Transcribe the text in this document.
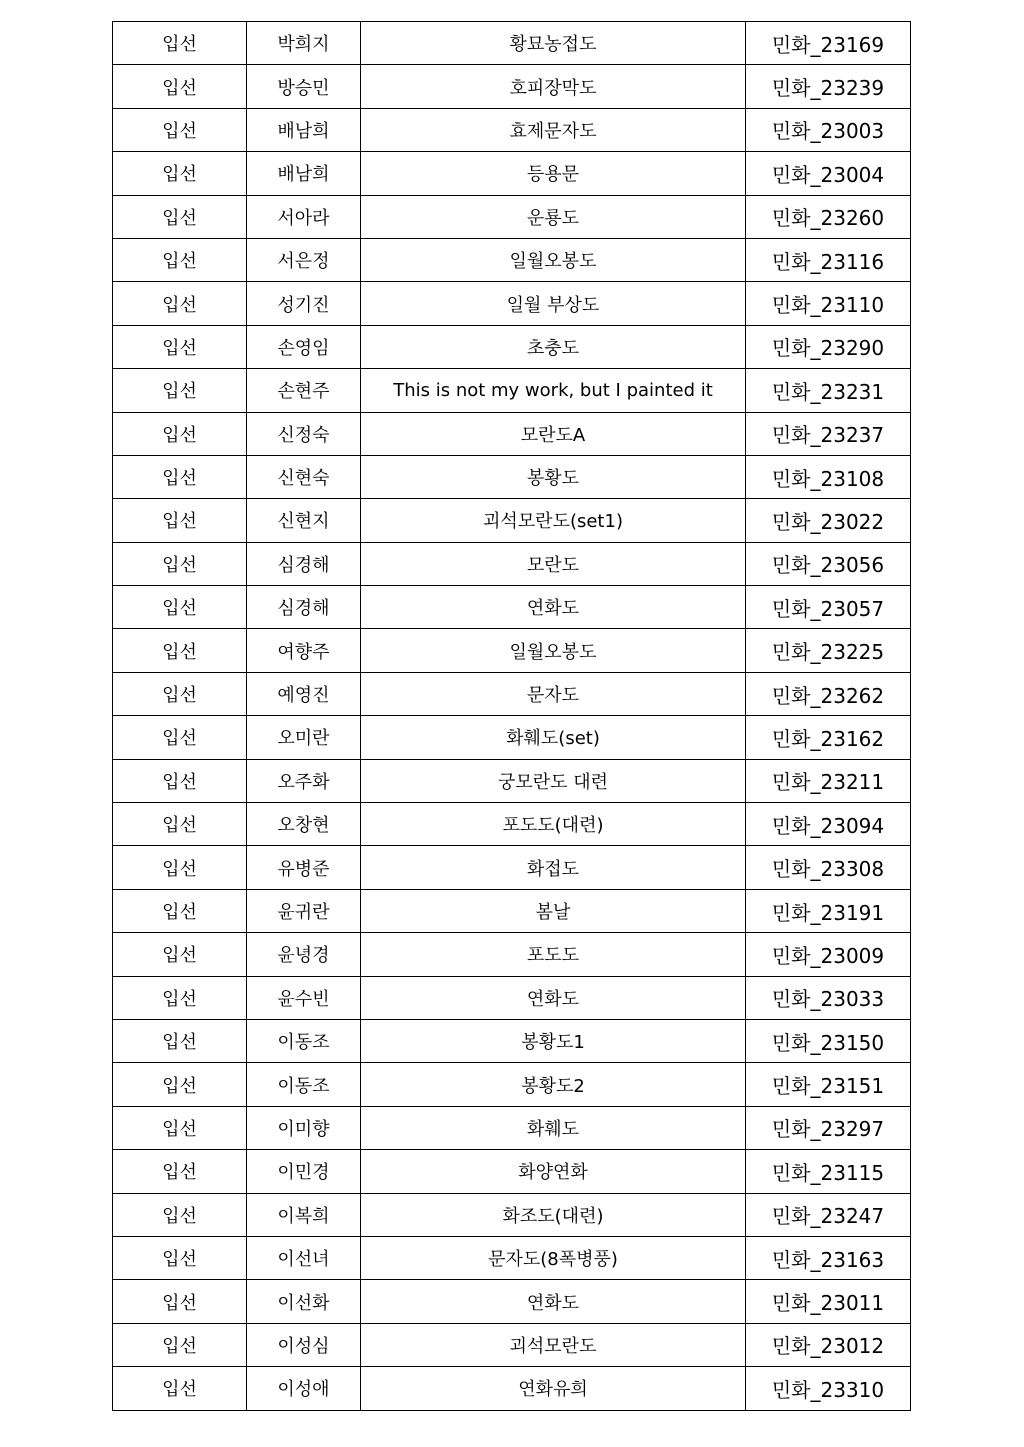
입선	박희지	황묘농접도	민화_23169
입선	방승민	호피장막도	민화_23239
입선	배남희	효제문자도	민화_23003
입선	배남희	등용문	민화_23004
입선	서아라	운룡도	민화_23260
입선	서은정	일월오봉도	민화_23116
입선	성기진	일월 부상도	민화_23110
입선	손영임	초충도	민화_23290
입선	손현주	This is not my work, but I painted it	민화_23231
입선	신정숙	모란도A	민화_23237
입선	신현숙	봉황도	민화_23108
입선	신현지	괴석모란도(set1)	민화_23022
입선	심경해	모란도	민화_23056
입선	심경해	연화도	민화_23057
입선	여향주	일월오봉도	민화_23225
입선	예영진	문자도	민화_23262
입선	오미란	화훼도(set)	민화_23162
입선	오주화	궁모란도 대련	민화_23211
입선	오창현	포도도(대련)	민화_23094
입선	유병준	화접도	민화_23308
입선	윤귀란	봄날	민화_23191
입선	윤녕경	포도도	민화_23009
입선	윤수빈	연화도	민화_23033
입선	이동조	봉황도1	민화_23150
입선	이동조	봉황도2	민화_23151
입선	이미향	화훼도	민화_23297
입선	이민경	화양연화	민화_23115
입선	이복희	화조도(대련)	민화_23247
입선	이선녀	문자도(8폭병풍)	민화_23163
입선	이선화	연화도	민화_23011
입선	이성심	괴석모란도	민화_23012
입선	이성애	연화유희	민화_23310
